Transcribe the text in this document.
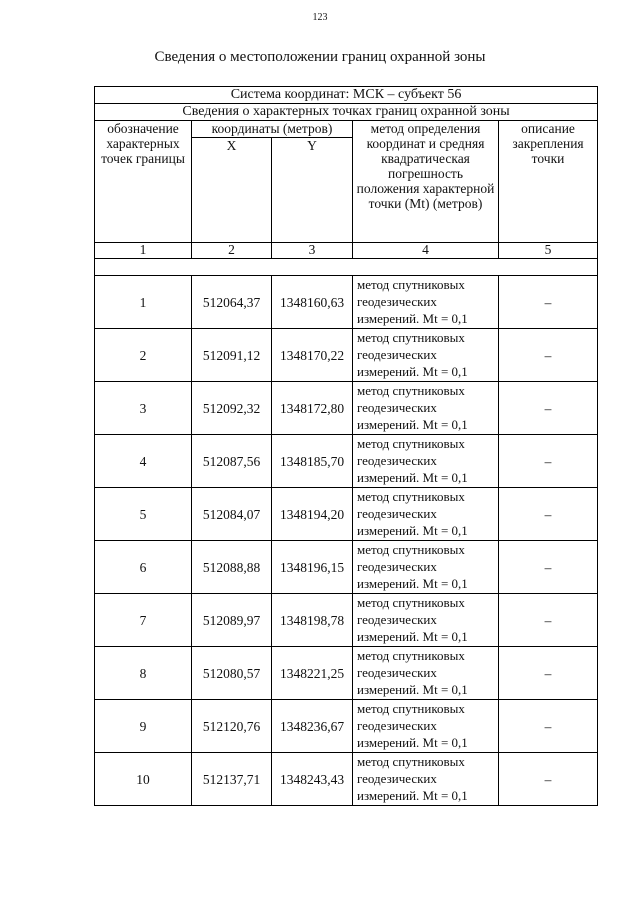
123
Сведения о местоположении границ охранной зоны
Система координат: МСК – субъект 56				
Сведения о характерных точках границ охранной зоны				
обозначение характерных точек границы	координаты (метров)		метод определения координат и средняя квадратическая погрешность положения характерной точки (Mt) (метров)	описание закрепления точки
	X	Y		
1	2	3	4	5

1	512064,37	1348160,63	метод спутниковых геодезических измерений. Mt = 0,1	–
2	512091,12	1348170,22	метод спутниковых геодезических измерений. Mt = 0,1	–
3	512092,32	1348172,80	метод спутниковых геодезических измерений. Mt = 0,1	–
4	512087,56	1348185,70	метод спутниковых геодезических измерений. Mt = 0,1	–
5	512084,07	1348194,20	метод спутниковых геодезических измерений. Mt = 0,1	–
6	512088,88	1348196,15	метод спутниковых геодезических измерений. Mt = 0,1	–
7	512089,97	1348198,78	метод спутниковых геодезических измерений. Mt = 0,1	–
8	512080,57	1348221,25	метод спутниковых геодезических измерений. Mt = 0,1	–
9	512120,76	1348236,67	метод спутниковых геодезических измерений. Mt = 0,1	–
10	512137,71	1348243,43	метод спутниковых геодезических измерений. Mt = 0,1	–
